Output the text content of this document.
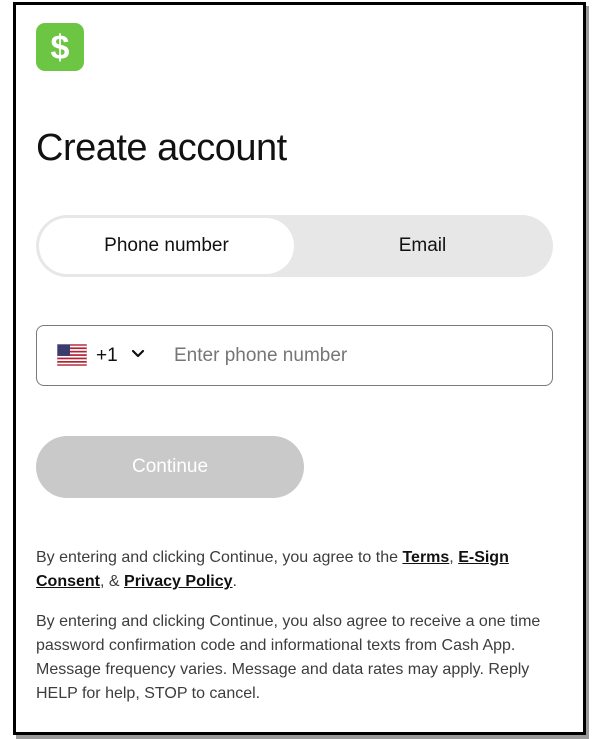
$
Create account
Phone number	Email
+1
Enter phone number
Continue

By entering and clicking Continue, you agree to the Terms, E-Sign Consent, & Privacy Policy.

By entering and clicking Continue, you also agree to receive a one time password confirmation code and informational texts from Cash App. Message frequency varies. Message and data rates may apply. Reply HELP for help, STOP to cancel.
